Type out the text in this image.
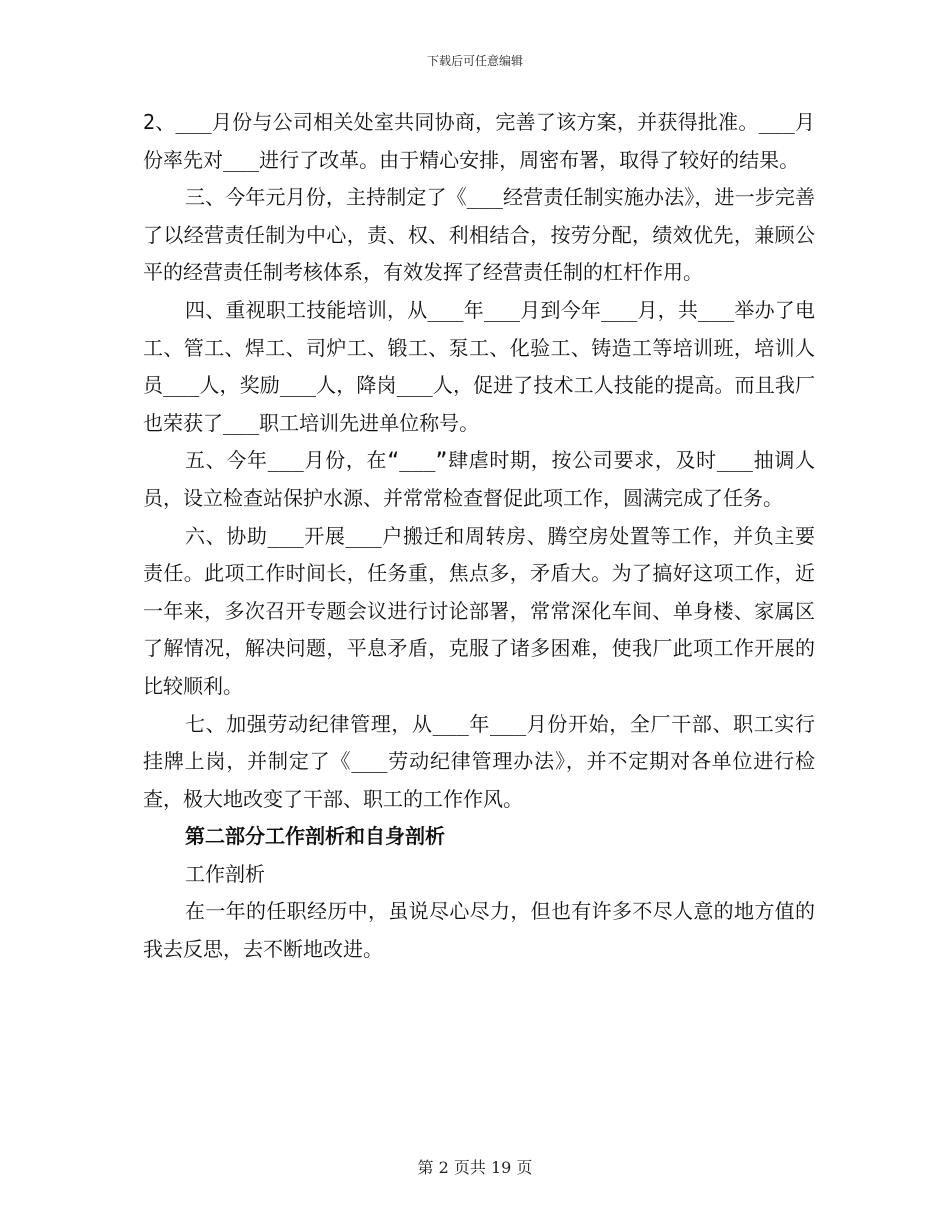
下载后可任意编辑

2、___月份与公司相关处室共同协商，完善了该方案，并获得批准。___月份率先对___进行了改革。由于精心安排，周密布署，取得了较好的结果。

三、今年元月份，主持制定了《___经营责任制实施办法》，进一步完善了以经营责任制为中心，责、权、利相结合，按劳分配，绩效优先，兼顾公平的经营责任制考核体系，有效发挥了经营责任制的杠杆作用。

四、重视职工技能培训，从___年___月到今年___月，共___举办了电工、管工、焊工、司炉工、锻工、泵工、化验工、铸造工等培训班，培训人员___人，奖励___人，降岗___人，促进了技术工人技能的提高。而且我厂也荣获了___职工培训先进单位称号。

五、今年___月份，在“___”肆虐时期，按公司要求，及时___抽调人员，设立检查站保护水源、并常常检查督促此项工作，圆满完成了任务。

六、协助___开展___户搬迁和周转房、腾空房处置等工作，并负主要责任。此项工作时间长，任务重，焦点多，矛盾大。为了搞好这项工作，近一年来，多次召开专题会议进行讨论部署，常常深化车间、单身楼、家属区了解情况，解决问题，平息矛盾，克服了诸多困难，使我厂此项工作开展的比较顺利。

七、加强劳动纪律管理，从___年___月份开始，全厂干部、职工实行挂牌上岗，并制定了《___劳动纪律管理办法》，并不定期对各单位进行检查，极大地改变了干部、职工的工作作风。

第二部分工作剖析和自身剖析

工作剖析

在一年的任职经历中，虽说尽心尽力，但也有许多不尽人意的地方值的我去反思，去不断地改进。

第 2 页共 19 页
